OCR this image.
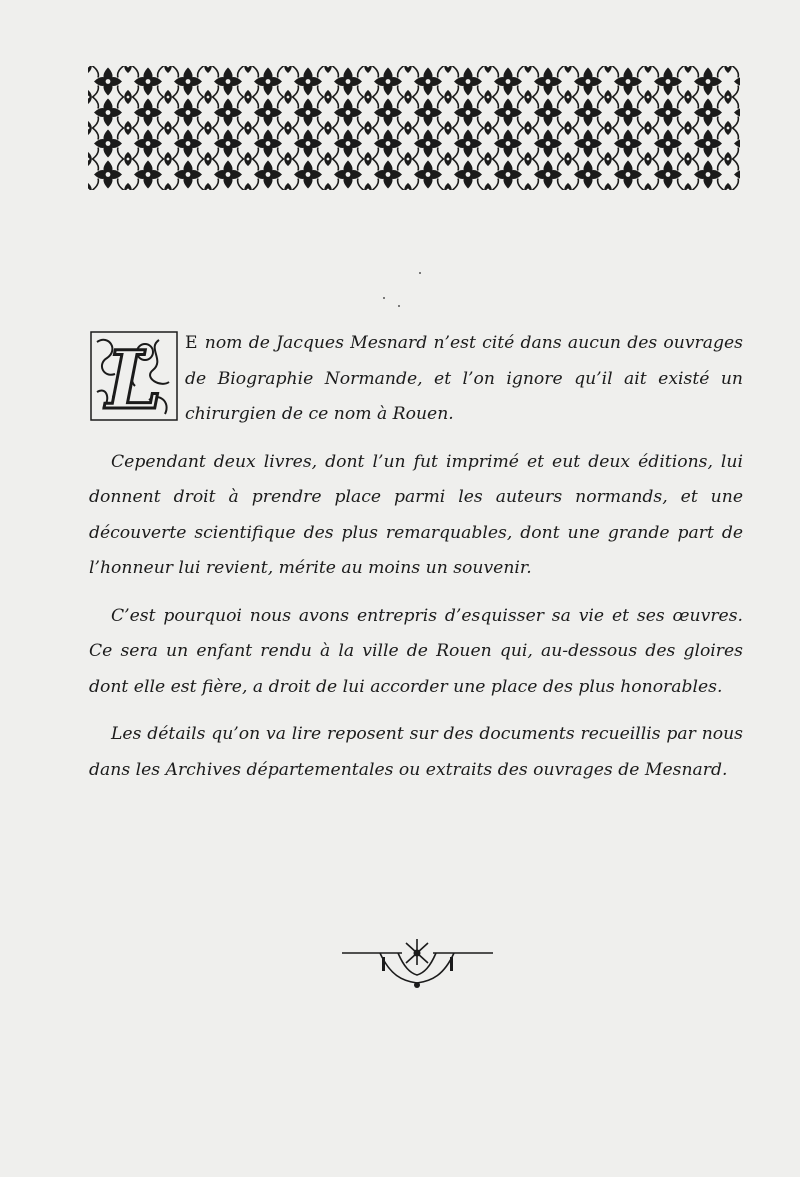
L	E nom de Jacques Mesnard n’est cité dans aucun des ouvrages de Biographie Normande, et l’on ignore qu’il ait existé un chirurgien de ce nom à Rouen.

Cependant deux livres, dont l’un fut imprimé et eut deux éditions, lui donnent droit à prendre place parmi les auteurs normands, et une découverte scientifique des plus remarquables, dont une grande part de l’honneur lui revient, mérite au moins un souvenir.

C’est pourquoi nous avons entrepris d’esquisser sa vie et ses œuvres. Ce sera un enfant rendu à la ville de Rouen qui, au-dessous des gloires dont elle est fière, a droit de lui accorder une place des plus honorables.

Les détails qu’on va lire reposent sur des documents recueillis par nous dans les Archives départementales ou extraits des ouvrages de Mesnard.
